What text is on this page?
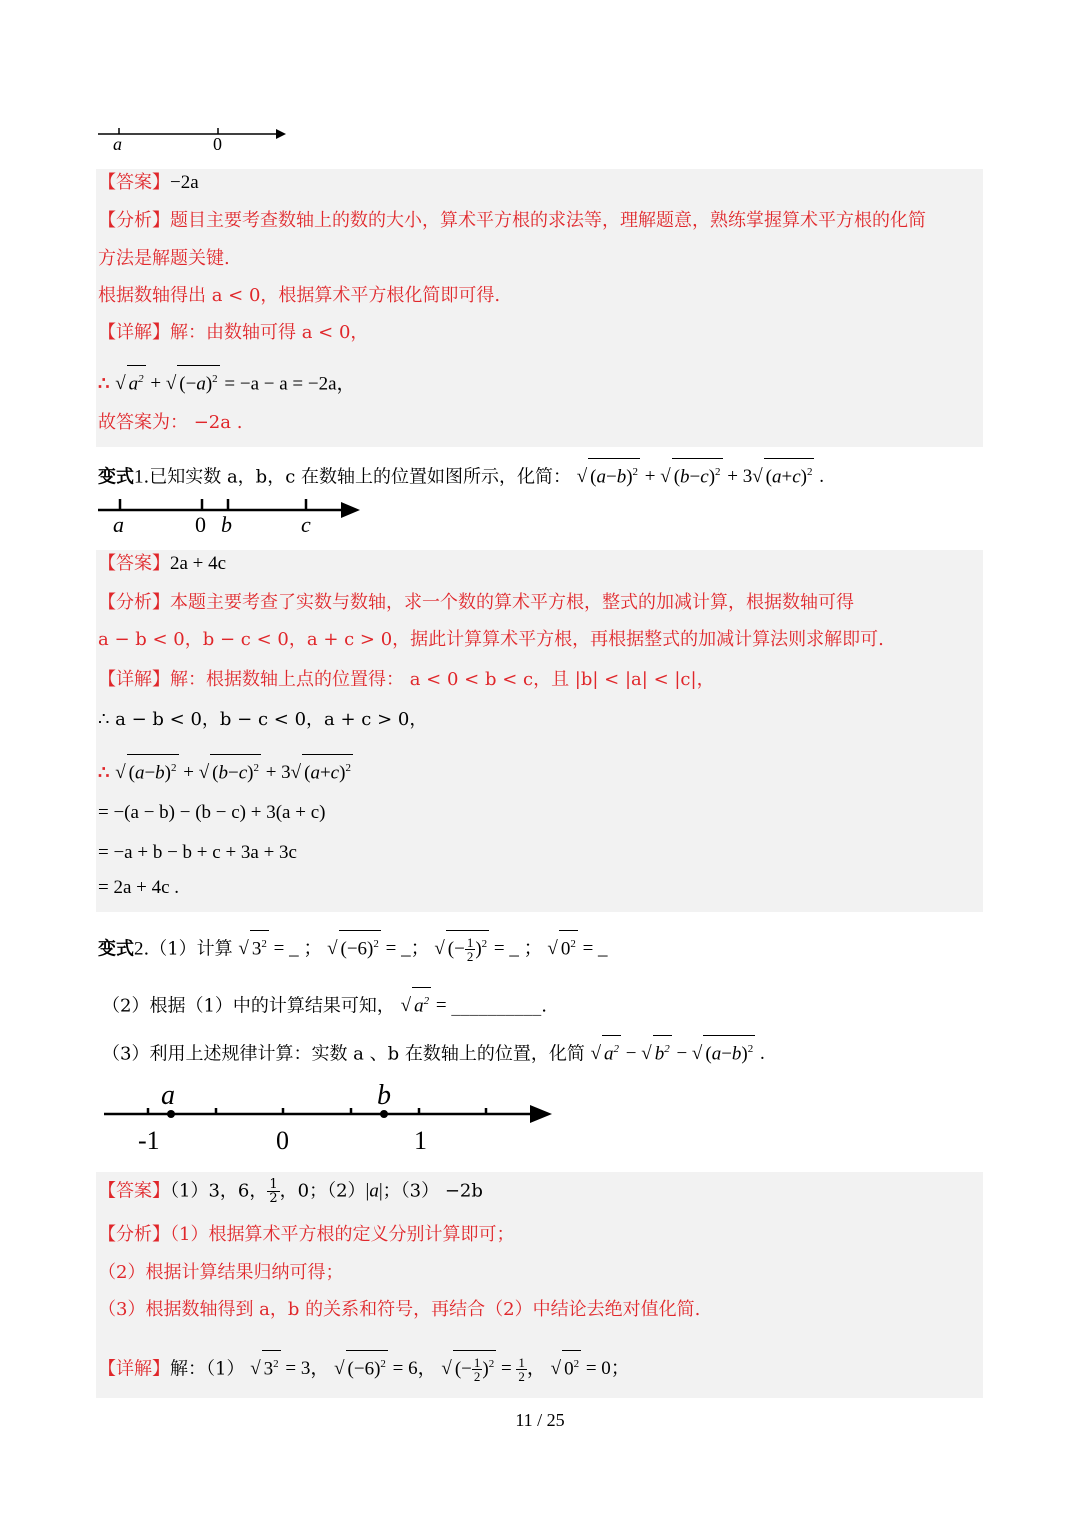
a	0
【答案】−2a
【分析】题目主要考查数轴上的数的大小，算术平方根的求法等，理解题意，熟练掌握算术平方根的化简
方法是解题关键.
根据数轴得出 a < 0，根据算术平方根化简即可得.
【详解】解：由数轴可得 a < 0，
∴ √ $a^2$ + √ $(-a)^2 = -a - a = -2a$，
故答案为： −2a .
变式1.已知实数 a，b，c 在数轴上的位置如图所示，化简： √ $(a-b)^2$ + √ $(b-c)^2 + 3√$ $(a+c)^2$ .
a	0 b	c
【答案】2a + 4c
【分析】本题主要考查了实数与数轴，求一个数的算术平方根，整式的加减计算，根据数轴可得
a − b < 0，b − c < 0，a + c > 0，据此计算算术平方根，再根据整式的加减计算法则求解即可.
【详解】解：根据数轴上点的位置得： a < 0 < b < c，且 |b| < |a| < |c|，
∴ a − b < 0，b − c < 0，a + c > 0，
∴ √ $(a-b)^2$ + √ $(b-c)^2 + 3√$ $(a+c)^2$
= −(a − b) − (b − c) + 3(a + c)
= −a + b − b + c + 3a + 3c
= 2a + 4c .
变式2.（1）计算 √ $3^2$ = _ ； √ $(-6)^2$ = _； √ (− $\frac{1}{2} )^2$ = _ ； √ $0^2$ = _
（2）根据（1）中的计算结果可知， √ $a^2$ = __________.
（3）利用上述规律计算：实数 a 、b 在数轴上的位置，化简 √ $a^2$ − √ $b^2$ − √ $(a-b)^2$ .
a	b
-1	0	1
【答案】（1）3，6， $\frac{1}{2}$ ，0；（2）|a|；（3） −2b
【分析】（1）根据算术平方根的定义分别计算即可；
（2）根据计算结果归纳可得；
（3）根据数轴得到 a，b 的关系和符号，再结合（2）中结论去绝对值化简.
【详解】解：（1） √ $3^2 = 3$， √ $(-6)^2 = 6$， √ (− $\frac{1}{2} )^2 = \frac{1}{2}$ ， √ $0^2 = 0$；
11 / 25
